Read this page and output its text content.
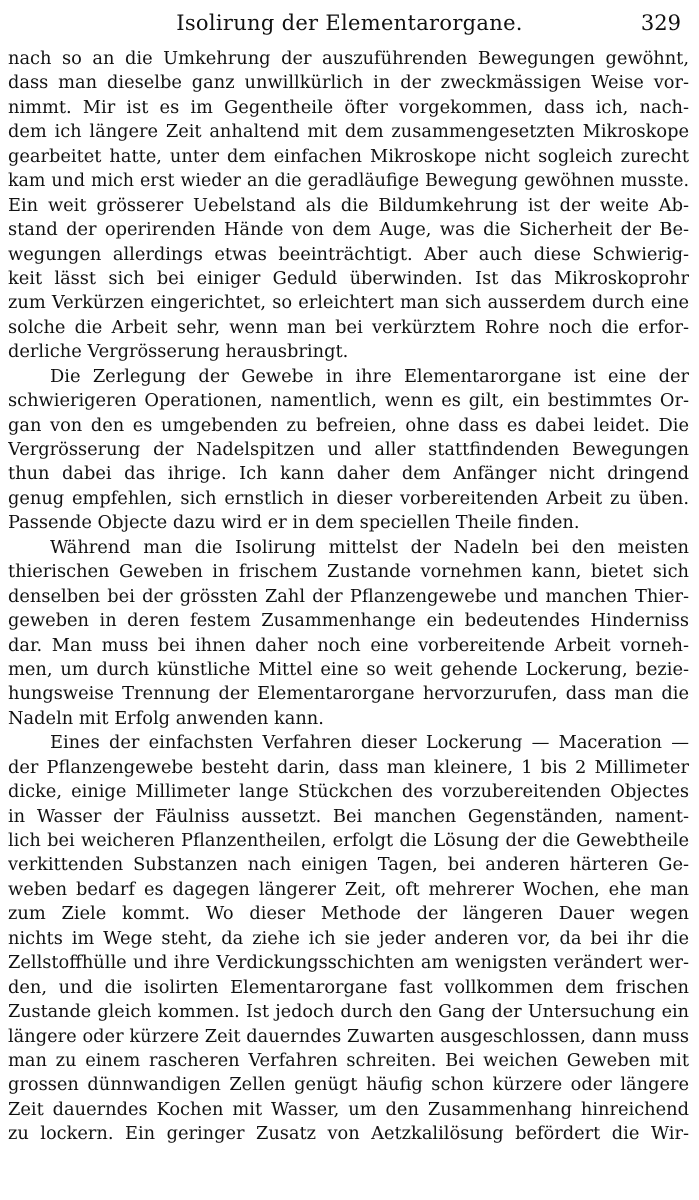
Isolirung der Elementarorgane.	329
nach so an die Umkehrung der auszuführenden Bewegungen gewöhnt,
dass man dieselbe ganz unwillkürlich in der zweckmässigen Weise vor-
nimmt. Mir ist es im Gegentheile öfter vorgekommen, dass ich, nach-
dem ich längere Zeit anhaltend mit dem zusammengesetzten Mikroskope
gearbeitet hatte, unter dem einfachen Mikroskope nicht sogleich zurecht
kam und mich erst wieder an die geradläufige Bewegung gewöhnen musste.
Ein weit grösserer Uebelstand als die Bildumkehrung ist der weite Ab-
stand der operirenden Hände von dem Auge, was die Sicherheit der Be-
wegungen allerdings etwas beeinträchtigt. Aber auch diese Schwierig-
keit lässt sich bei einiger Geduld überwinden. Ist das Mikroskoprohr
zum Verkürzen eingerichtet, so erleichtert man sich ausserdem durch eine
solche die Arbeit sehr, wenn man bei verkürztem Rohre noch die erfor-
derliche Vergrösserung herausbringt.
Die Zerlegung der Gewebe in ihre Elementarorgane ist eine der
schwierigeren Operationen, namentlich, wenn es gilt, ein bestimmtes Or-
gan von den es umgebenden zu befreien, ohne dass es dabei leidet. Die
Vergrösserung der Nadelspitzen und aller stattfindenden Bewegungen
thun dabei das ihrige. Ich kann daher dem Anfänger nicht dringend
genug empfehlen, sich ernstlich in dieser vorbereitenden Arbeit zu üben.
Passende Objecte dazu wird er in dem speciellen Theile finden.
Während man die Isolirung mittelst der Nadeln bei den meisten
thierischen Geweben in frischem Zustande vornehmen kann, bietet sich
denselben bei der grössten Zahl der Pflanzengewebe und manchen Thier-
geweben in deren festem Zusammenhange ein bedeutendes Hinderniss
dar. Man muss bei ihnen daher noch eine vorbereitende Arbeit vorneh-
men, um durch künstliche Mittel eine so weit gehende Lockerung, bezie-
hungsweise Trennung der Elementarorgane hervorzurufen, dass man die
Nadeln mit Erfolg anwenden kann.
Eines der einfachsten Verfahren dieser Lockerung — Maceration —
der Pflanzengewebe besteht darin, dass man kleinere, 1 bis 2 Millimeter
dicke, einige Millimeter lange Stückchen des vorzubereitenden Objectes
in Wasser der Fäulniss aussetzt. Bei manchen Gegenständen, nament-
lich bei weicheren Pflanzentheilen, erfolgt die Lösung der die Gewebtheile
verkittenden Substanzen nach einigen Tagen, bei anderen härteren Ge-
weben bedarf es dagegen längerer Zeit, oft mehrerer Wochen, ehe man
zum Ziele kommt. Wo dieser Methode der längeren Dauer wegen
nichts im Wege steht, da ziehe ich sie jeder anderen vor, da bei ihr die
Zellstoffhülle und ihre Verdickungsschichten am wenigsten verändert wer-
den, und die isolirten Elementarorgane fast vollkommen dem frischen
Zustande gleich kommen. Ist jedoch durch den Gang der Untersuchung ein
längere oder kürzere Zeit dauerndes Zuwarten ausgeschlossen, dann muss
man zu einem rascheren Verfahren schreiten. Bei weichen Geweben mit
grossen dünnwandigen Zellen genügt häufig schon kürzere oder längere
Zeit dauerndes Kochen mit Wasser, um den Zusammenhang hinreichend
zu lockern. Ein geringer Zusatz von Aetzkalilösung befördert die Wir-
